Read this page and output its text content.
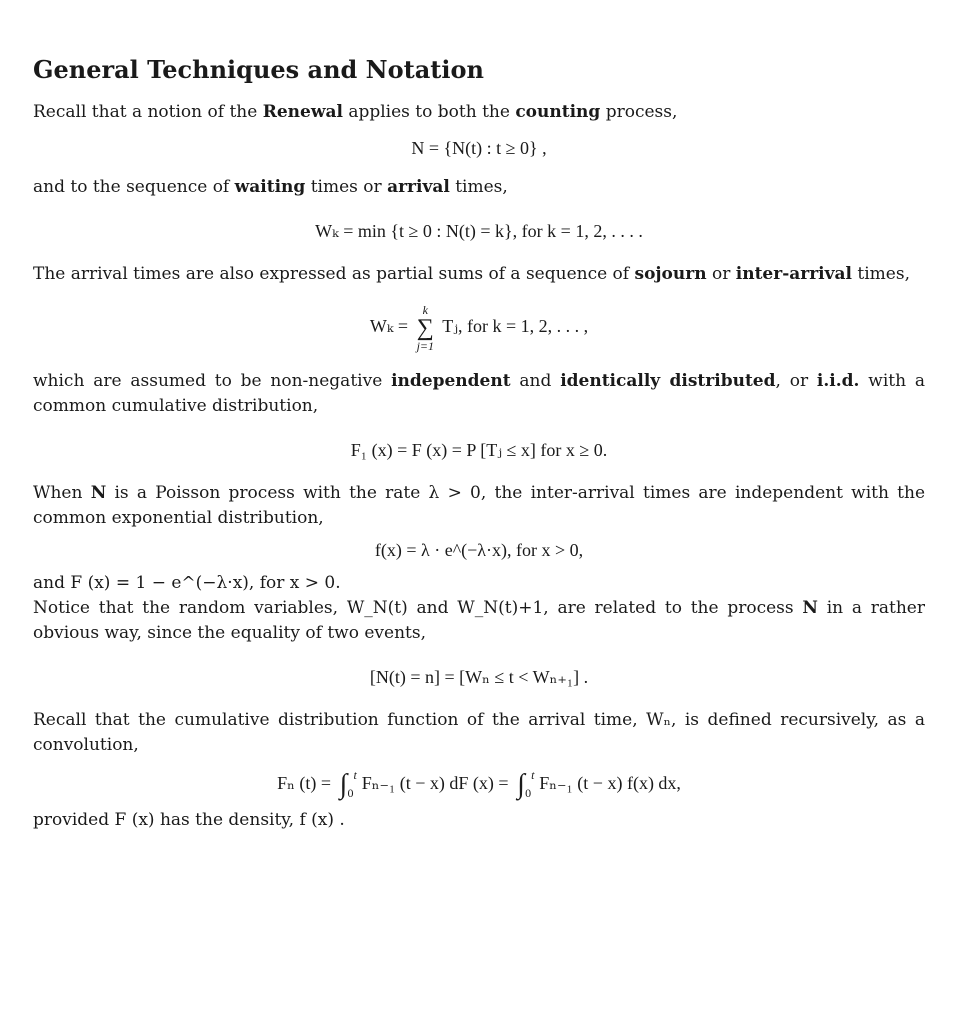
General Techniques and Notation

Recall that a notion of the Renewal applies to both the counting process,

N = {N(t) : t ≥ 0} ,

and to the sequence of waiting times or arrival times,

Wₖ = min {t ≥ 0 : N(t) = k}, for k = 1, 2, . . . .

The arrival times are also expressed as partial sums of a sequence of sojourn or inter-arrival times,

Wₖ =
k
∑
j=1
Tⱼ, for k = 1, 2, . . . ,

which are assumed to be non-negative independent and identically distributed, or i.i.d. with a common cumulative distribution,

F₁ (x) = F (x) = P [Tⱼ ≤ x] for x ≥ 0.

When N is a Poisson process with the rate λ > 0, the inter-arrival times are independent with the common exponential distribution,

f(x) = λ · e^(−λ·x), for x > 0,

and F (x) = 1 − e^(−λ·x), for x > 0.

Notice that the random variables, W_N(t) and W_N(t)+1, are related to the process N in a rather obvious way, since the equality of two events,

[N(t) = n] = [Wₙ ≤ t < Wₙ₊₁] .

Recall that the cumulative distribution function of the arrival time, Wₙ, is defined recursively, as a convolution,

Fₙ (t) = ∫ t
0 Fₙ₋₁ (t − x) dF (x) = ∫ t
0 Fₙ₋₁ (t − x) f(x) dx,

provided F (x) has the density, f (x) .
